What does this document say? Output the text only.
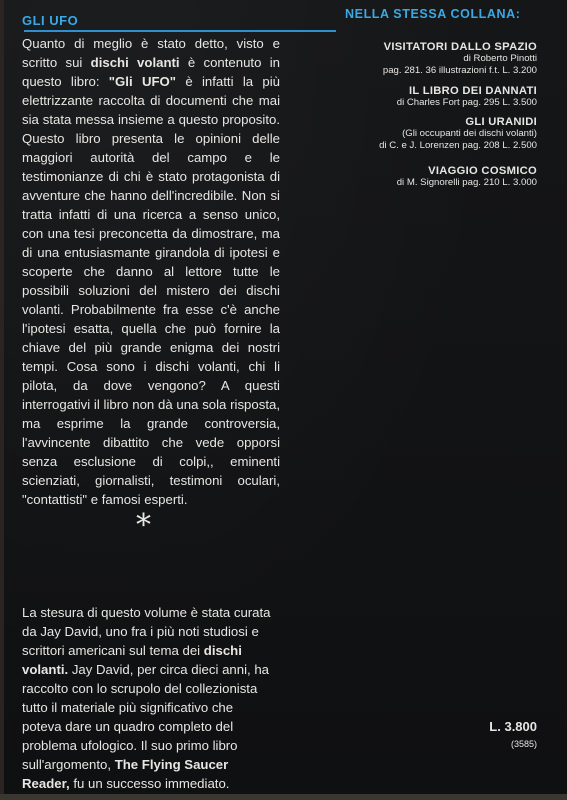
GLI UFO	NELLA STESSA COLLANA:

Quanto di meglio è stato detto, visto e scritto sui dischi volanti è contenuto in questo libro: "Gli UFO" è infatti la più elettrizzante raccolta di documenti che mai sia stata messa insieme a questo proposito. Questo libro presenta le opinioni delle maggiori autorità del campo e le testimonianze di chi è stato protagonista di avventure che hanno dell'incredibile. Non si tratta infatti di una ricerca a senso unico, con una tesi preconcetta da dimostrare, ma di una entusiasmante girandola di ipotesi e scoperte che danno al lettore tutte le possibili soluzioni del mistero dei dischi volanti. Probabilmente fra esse c'è anche l'ipotesi esatta, quella che può fornire la chiave del più grande enigma dei nostri tempi. Cosa sono i dischi volanti, chi li pilota, da dove vengono? A questi interrogativi il libro non dà una sola risposta, ma esprime la grande controversia, l'avvincente dibattito che vede opporsi senza esclusione di colpi,, eminenti scienziati, giornalisti, testimoni oculari, "contattisti" e famosi esperti.

*

La stesura di questo volume è stata curata da Jay David, uno fra i più noti studiosi e scrittori americani sul tema dei dischi volanti. Jay David, per circa dieci anni, ha raccolto con lo scrupolo del collezionista tutto il materiale più significativo che poteva dare un quadro completo del problema ufologico. Il suo primo libro sull'argomento, The Flying Saucer Reader, fu un successo immediato.

VISITATORI DALLO SPAZIO
di Roberto Pinotti
pag. 281. 36 illustrazioni f.t. L. 3.200
IL LIBRO DEI DANNATI
di Charles Fort pag. 295 L. 3.500
GLI URANIDI
(Gli occupanti dei dischi volanti)
di C. e J. Lorenzen pag. 208 L. 2.500
VIAGGIO COSMICO
di M. Signorelli pag. 210 L. 3.000
L. 3.800
(3585)
